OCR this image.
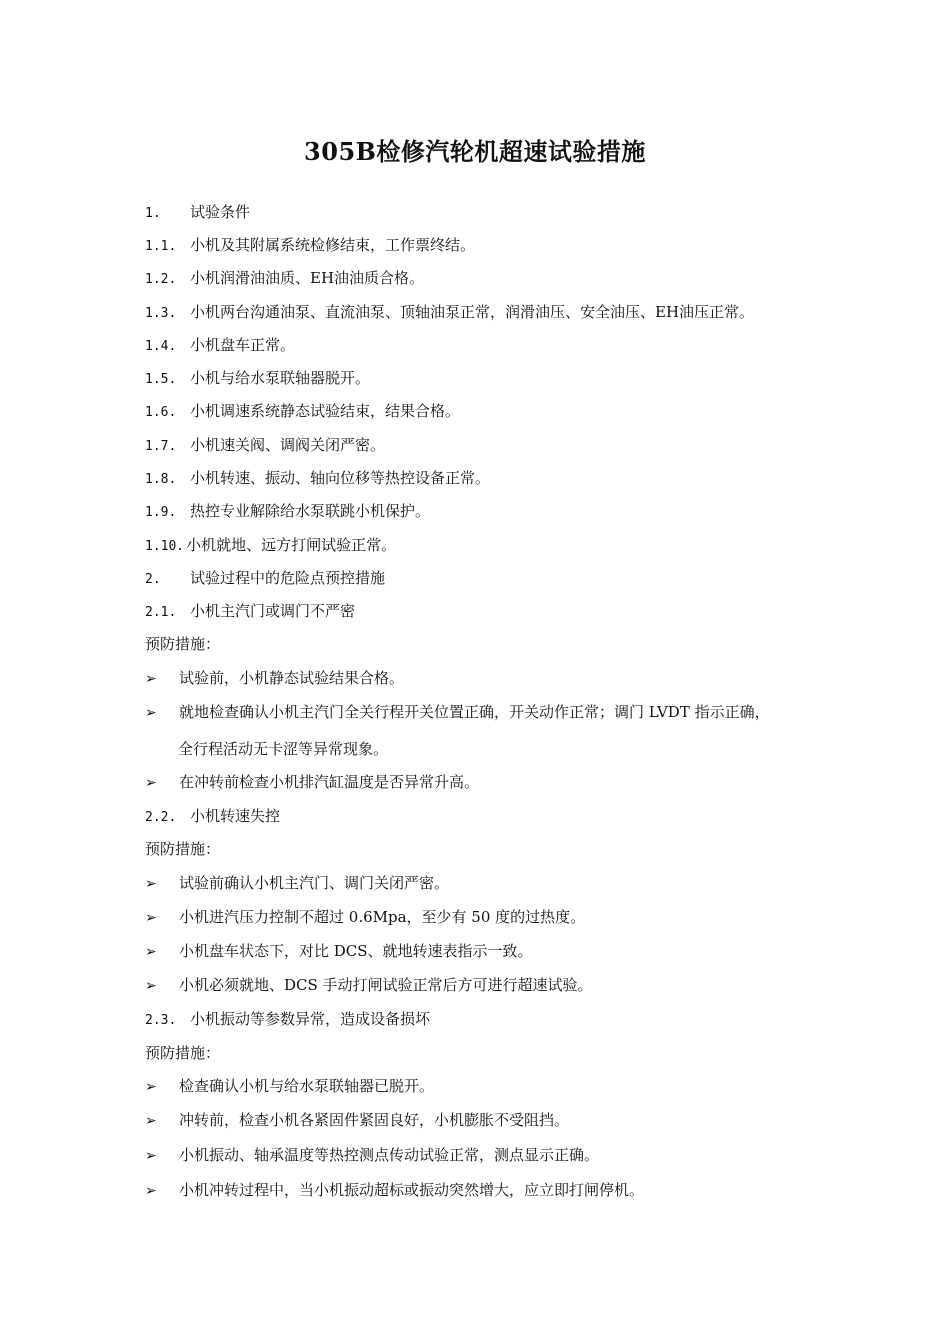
305B检修汽轮机超速试验措施
1. 试验条件
1.1. 小机及其附属系统检修结束，工作票终结。
1.2. 小机润滑油油质、EH油油质合格。
1.3. 小机两台沟通油泵、直流油泵、顶轴油泵正常，润滑油压、安全油压、EH油压正常。
1.4. 小机盘车正常。
1.5. 小机与给水泵联轴器脱开。
1.6. 小机调速系统静态试验结束，结果合格。
1.7. 小机速关阀、调阀关闭严密。
1.8. 小机转速、振动、轴向位移等热控设备正常。
1.9. 热控专业解除给水泵联跳小机保护。
1.10. 小机就地、远方打闸试验正常。
2. 试验过程中的危险点预控措施
2.1. 小机主汽门或调门不严密
预防措施：
➢ 试验前，小机静态试验结果合格。
➢ 就地检查确认小机主汽门全关行程开关位置正确，开关动作正常；调门 LVDT 指示正确，
全行程活动无卡涩等异常现象。
➢ 在冲转前检查小机排汽缸温度是否异常升高。
2.2. 小机转速失控
预防措施：
➢ 试验前确认小机主汽门、调门关闭严密。
➢ 小机进汽压力控制不超过 0.6Mpa，至少有 50 度的过热度。
➢ 小机盘车状态下，对比 DCS、就地转速表指示一致。
➢ 小机必须就地、DCS 手动打闸试验正常后方可进行超速试验。
2.3. 小机振动等参数异常，造成设备损坏
预防措施：
➢ 检查确认小机与给水泵联轴器已脱开。
➢ 冲转前，检查小机各紧固件紧固良好，小机膨胀不受阻挡。
➢ 小机振动、轴承温度等热控测点传动试验正常，测点显示正确。
➢ 小机冲转过程中，当小机振动超标或振动突然增大，应立即打闸停机。
